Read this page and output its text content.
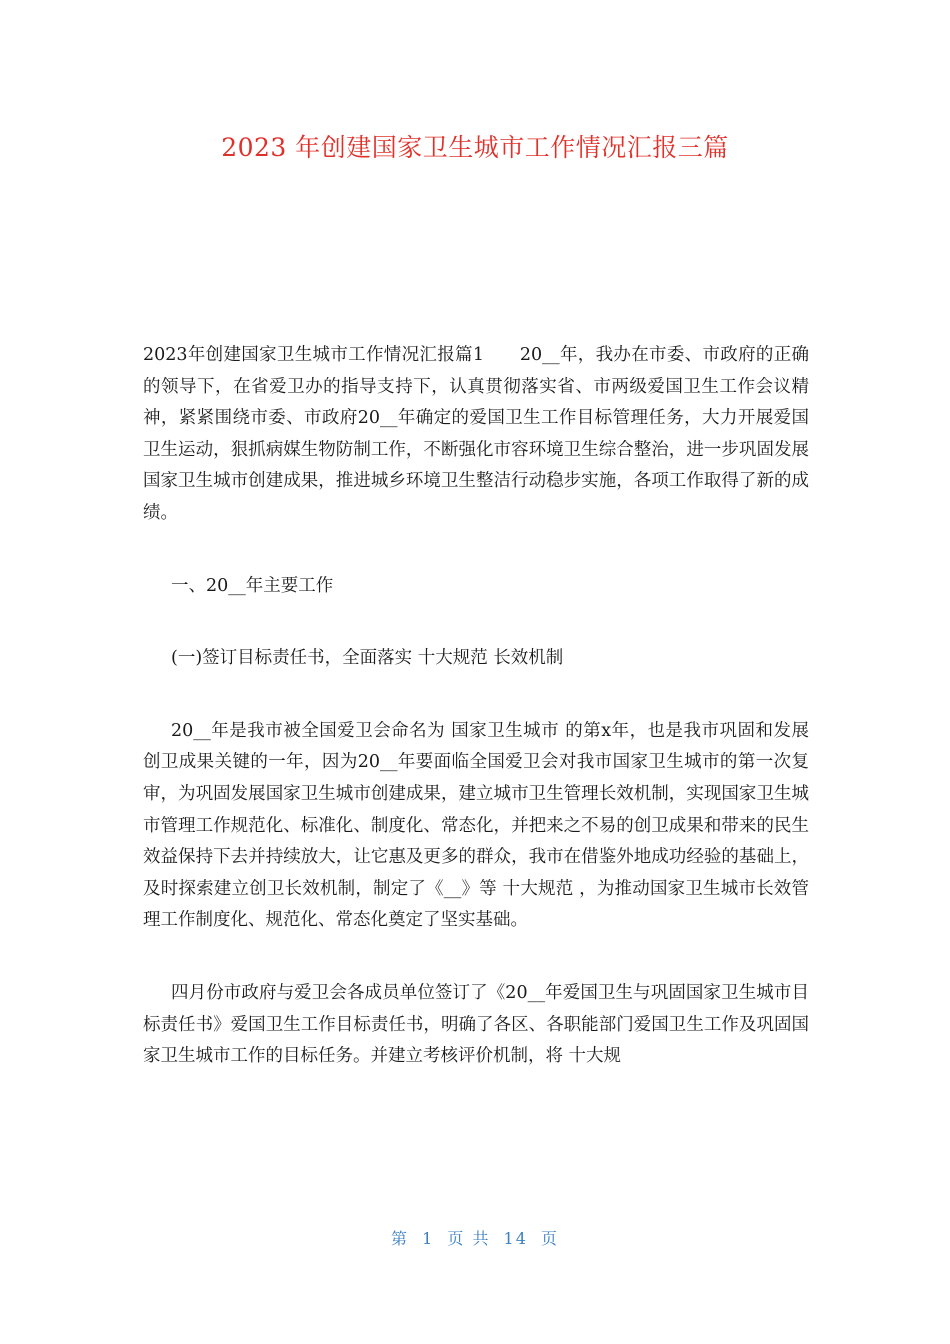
2023 年创建国家卫生城市工作情况汇报三篇

2023年创建国家卫生城市工作情况汇报篇1　　20__年，我办在市委、市政府的正确的领导下，在省爱卫办的指导支持下，认真贯彻落实省、市两级爱国卫生工作会议精神，紧紧围绕市委、市政府20__年确定的爱国卫生工作目标管理任务，大力开展爱国卫生运动，狠抓病媒生物防制工作，不断强化市容环境卫生综合整治，进一步巩固发展国家卫生城市创建成果，推进城乡环境卫生整洁行动稳步实施，各项工作取得了新的成绩。

一、20__年主要工作

(一)签订目标责任书，全面落实 十大规范 长效机制

20__年是我市被全国爱卫会命名为 国家卫生城市 的第x年，也是我市巩固和发展创卫成果关键的一年，因为20__年要面临全国爱卫会对我市国家卫生城市的第一次复审，为巩固发展国家卫生城市创建成果，建立城市卫生管理长效机制，实现国家卫生城市管理工作规范化、标准化、制度化、常态化，并把来之不易的创卫成果和带来的民生效益保持下去并持续放大，让它惠及更多的群众，我市在借鉴外地成功经验的基础上，及时探索建立创卫长效机制，制定了《__》等 十大规范 ，为推动国家卫生城市长效管理工作制度化、规范化、常态化奠定了坚实基础。

四月份市政府与爱卫会各成员单位签订了《20__年爱国卫生与巩固国家卫生城市目标责任书》爱国卫生工作目标责任书，明确了各区、各职能部门爱国卫生工作及巩固国家卫生城市工作的目标任务。并建立考核评价机制，将 十大规

第 1 页 共 14 页
